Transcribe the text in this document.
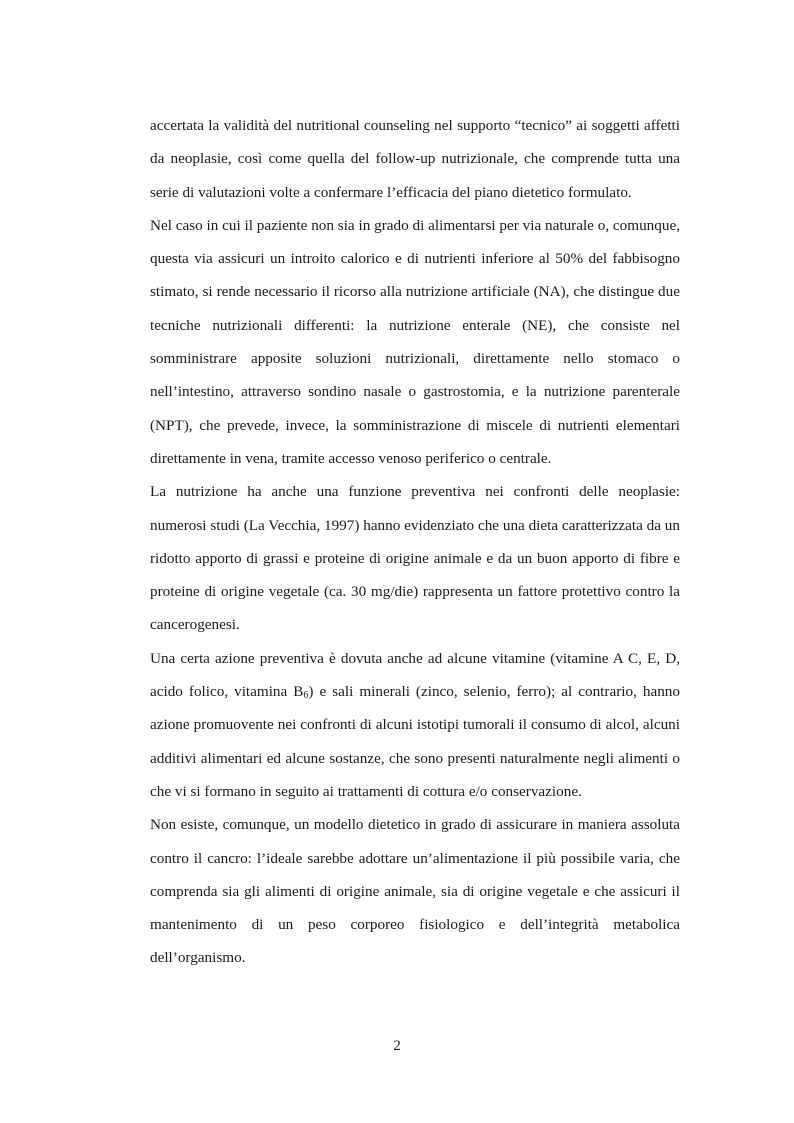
accertata la validità del nutritional counseling nel supporto “tecnico” ai soggetti affetti da neoplasie, così come quella del follow-up nutrizionale, che comprende tutta una serie di valutazioni volte a confermare l’efficacia del piano dietetico formulato.

Nel caso in cui il paziente non sia in grado di alimentarsi per via naturale o, comunque, questa via assicuri un introito calorico e di nutrienti inferiore al 50% del fabbisogno stimato, si rende necessario il ricorso alla nutrizione artificiale (NA), che distingue due tecniche nutrizionali differenti: la nutrizione enterale (NE), che consiste nel somministrare apposite soluzioni nutrizionali, direttamente nello stomaco o nell’intestino, attraverso sondino nasale o gastrostomia, e la nutrizione parenterale (NPT), che prevede, invece, la somministrazione di miscele di nutrienti elementari direttamente in vena, tramite accesso venoso periferico o centrale.

La nutrizione ha anche una funzione preventiva nei confronti delle neoplasie: numerosi studi (La Vecchia, 1997) hanno evidenziato che una dieta caratterizzata da un ridotto apporto di grassi e proteine di origine animale e da un buon apporto di fibre e proteine di origine vegetale (ca. 30 mg/die) rappresenta un fattore protettivo contro la cancerogenesi.

Una certa azione preventiva è dovuta anche ad alcune vitamine (vitamine A C, E, D, acido folico, vitamina $B_6$) e sali minerali (zinco, selenio, ferro); al contrario, hanno azione promuovente nei confronti di alcuni istotipi tumorali il consumo di alcol, alcuni additivi alimentari ed alcune sostanze, che sono presenti naturalmente negli alimenti o che vi si formano in seguito ai trattamenti di cottura e/o conservazione.

Non esiste, comunque, un modello dietetico in grado di assicurare in maniera assoluta contro il cancro: l’ideale sarebbe adottare un’alimentazione il più possibile varia, che comprenda sia gli alimenti di origine animale, sia di origine vegetale e che assicuri il mantenimento di un peso corporeo fisiologico e dell’integrità metabolica dell’organismo.

2
